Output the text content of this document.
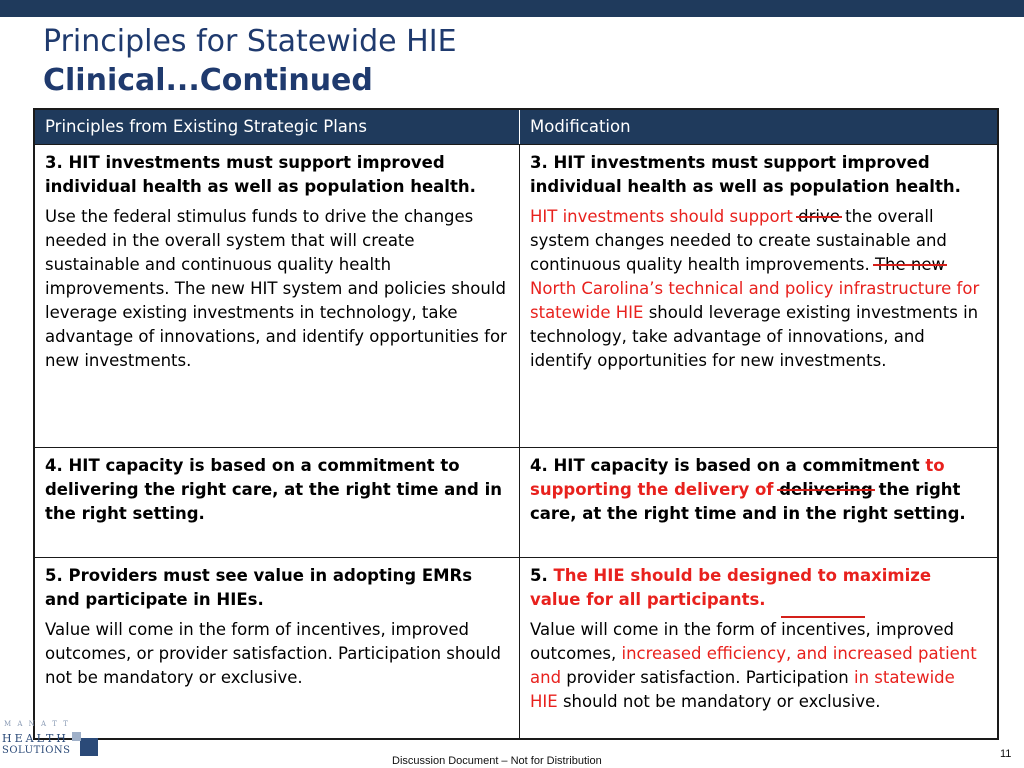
Principles for Statewide HIE
Clinical...Continued
Principles from Existing Strategic Plans	Modification
3. HIT investments must support improved individual health as well as population health.
Use the federal stimulus funds to drive the changes needed in the overall system that will create sustainable and continuous quality health improvements. The new HIT system and policies should leverage existing investments in technology, take advantage of innovations, and identify opportunities for new investments.
3. HIT investments must support improved individual health as well as population health.
HIT investments should support drive the overall system changes needed to create sustainable and continuous quality health improvements. The new North Carolina’s technical and policy infrastructure for statewide HIE should leverage existing investments in technology, take advantage of innovations, and identify opportunities for new investments.
4. HIT capacity is based on a commitment to delivering the right care, at the right time and in the right setting.
4. HIT capacity is based on a commitment to supporting the delivery of delivering the right care, at the right time and in the right setting.
5. Providers must see value in adopting EMRs and participate in HIEs.
Value will come in the form of incentives, improved outcomes, or provider satisfaction. Participation should not be mandatory or exclusive.
5. The HIE should be designed to maximize value for all participants.
Value will come in the form of incentives, improved outcomes, increased efficiency, and increased patient and provider satisfaction. Participation in statewide HIE should not be mandatory or exclusive.
M A N A T T
HEALTH
SOLUTIONS
Discussion Document – Not for Distribution
11
